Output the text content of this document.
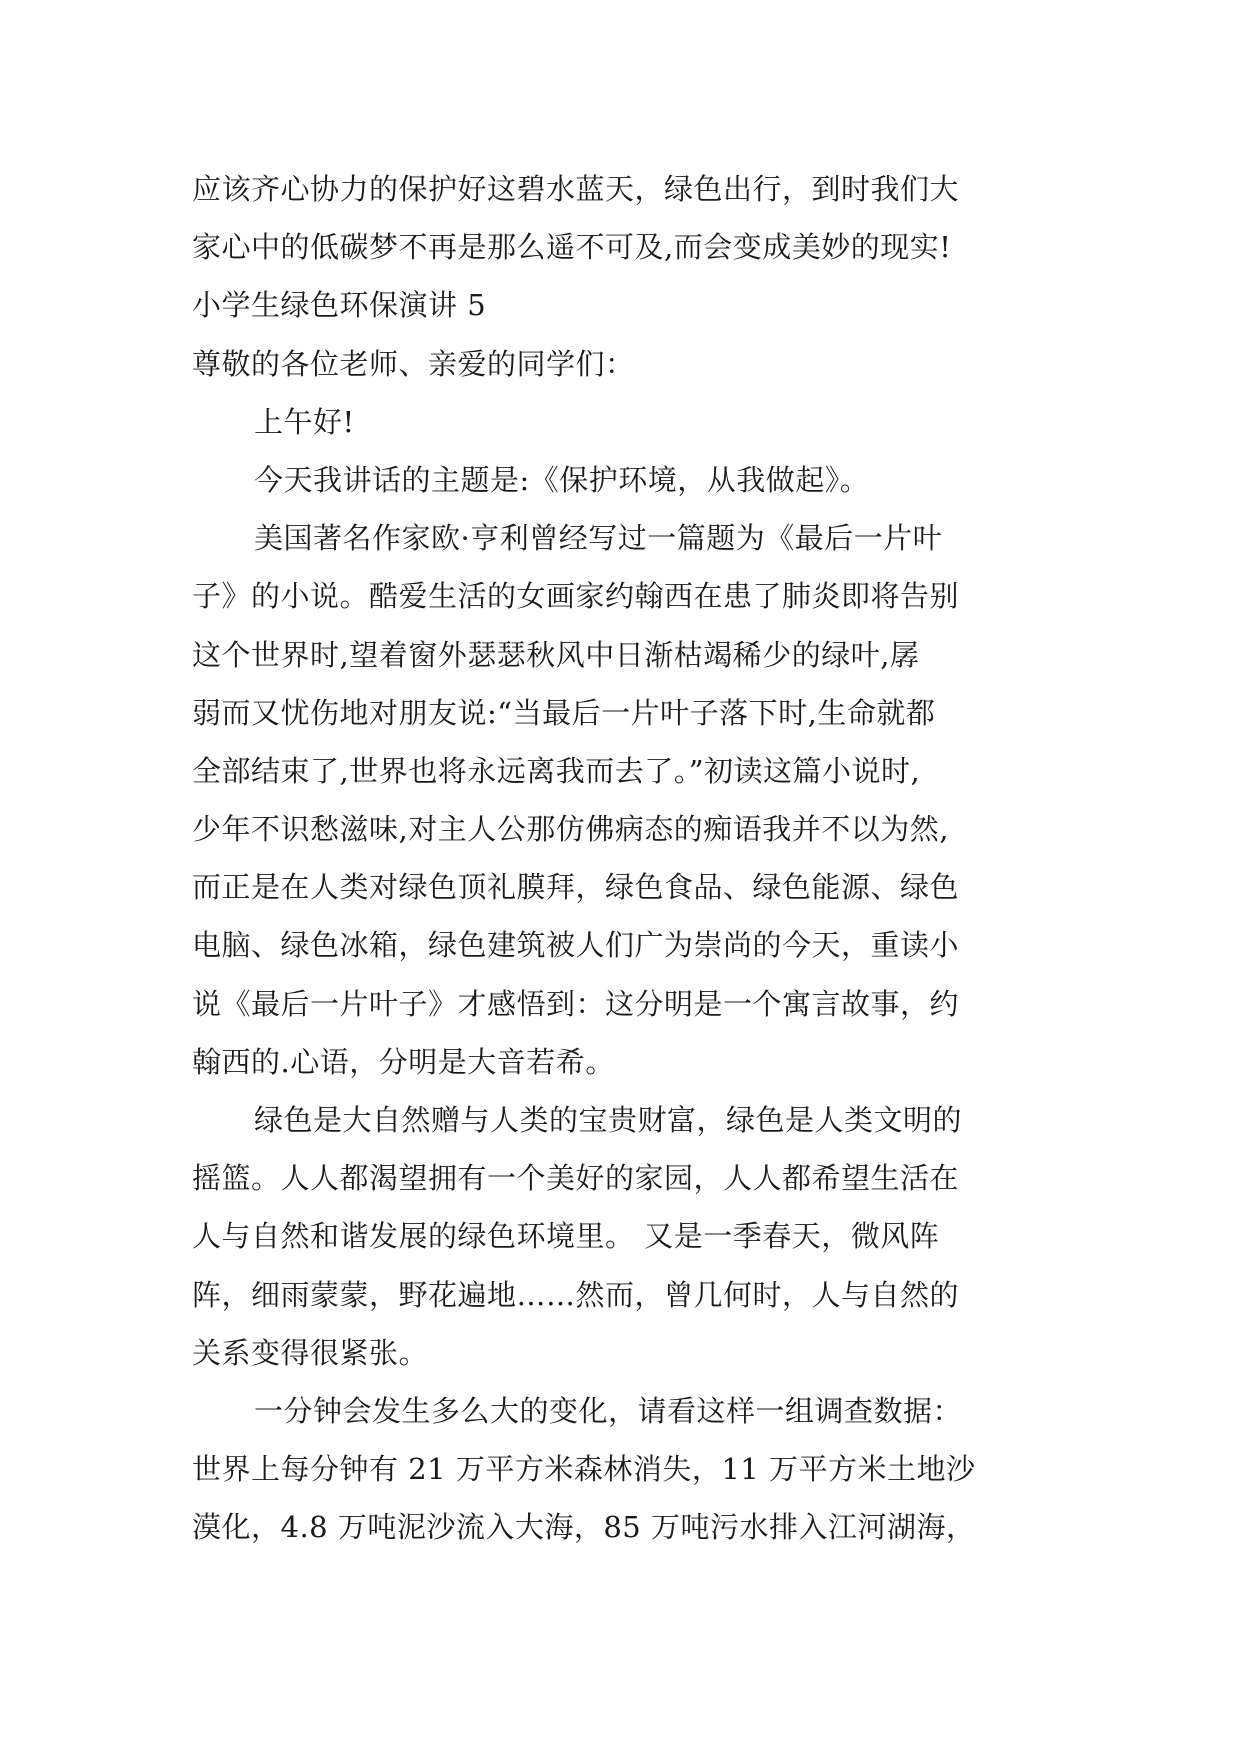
应该齐心协力的保护好这碧水蓝天，绿色出行，到时我们大
家心中的低碳梦不再是那么遥不可及,而会变成美妙的现实!
小学生绿色环保演讲 5
尊敬的各位老师、亲爱的同学们：
上午好!
今天我讲话的主题是:《保护环境，从我做起》。
美国著名作家欧·亨利曾经写过一篇题为《最后一片叶
子》的小说。酷爱生活的女画家约翰西在患了肺炎即将告别
这个世界时,望着窗外瑟瑟秋风中日渐枯竭稀少的绿叶,孱
弱而又忧伤地对朋友说:“当最后一片叶子落下时,生命就都
全部结束了,世界也将永远离我而去了。”初读这篇小说时,
少年不识愁滋味,对主人公那仿佛病态的痴语我并不以为然,
而正是在人类对绿色顶礼膜拜，绿色食品、绿色能源、绿色
电脑、绿色冰箱，绿色建筑被人们广为崇尚的今天，重读小
说《最后一片叶子》才感悟到：这分明是一个寓言故事，约
翰西的.心语，分明是大音若希。
绿色是大自然赠与人类的宝贵财富，绿色是人类文明的
摇篮。人人都渴望拥有一个美好的家园，人人都希望生活在
人与自然和谐发展的绿色环境里。 又是一季春天，微风阵
阵，细雨蒙蒙，野花遍地……然而，曾几何时，人与自然的
关系变得很紧张。
一分钟会发生多么大的变化，请看这样一组调查数据：
世界上每分钟有 21 万平方米森林消失，11 万平方米土地沙
漠化，4.8 万吨泥沙流入大海，85 万吨污水排入江河湖海，
